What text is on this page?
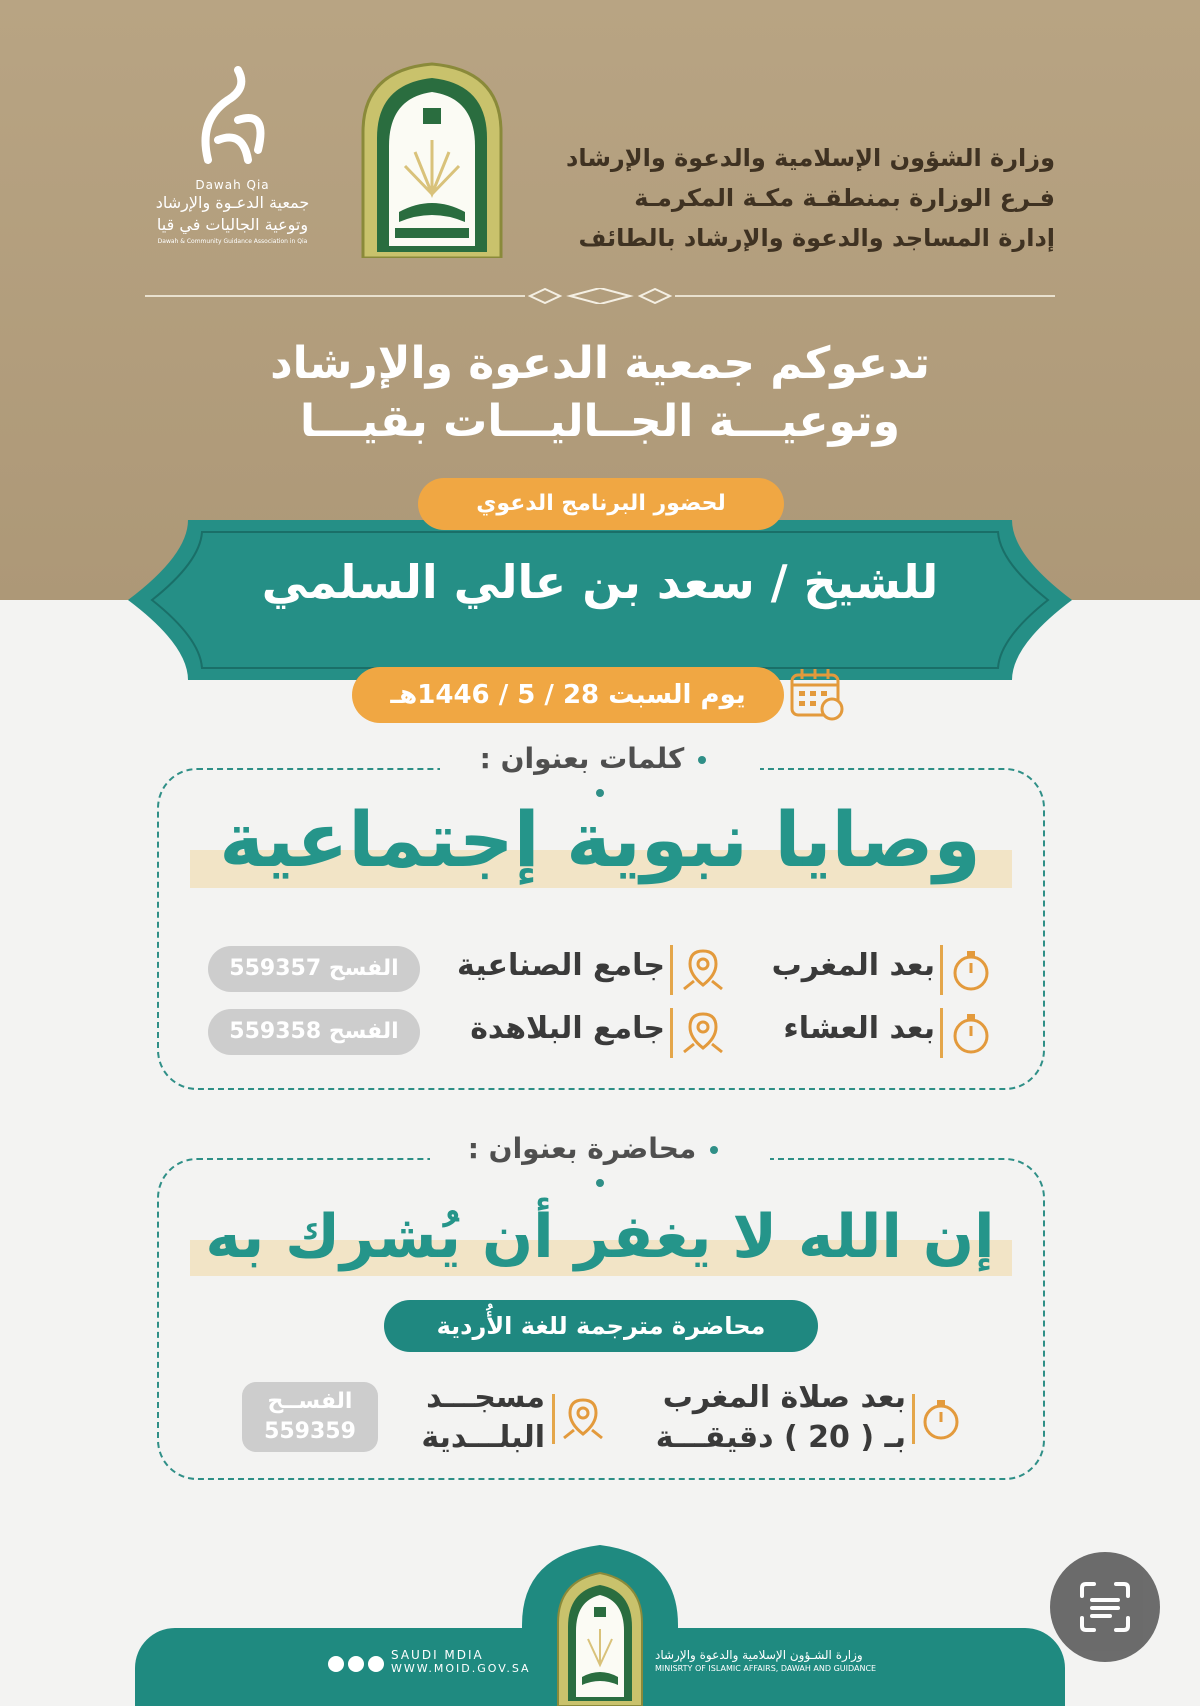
وزارة الشؤون الإسلامية والدعوة والإرشاد
فـرع الوزارة بمنطقـة مكـة المكرمـة
إدارة المساجد والدعوة والإرشاد بالطائف
Dawah Qia
جمعية الدعـوة والإرشاد
وتوعية الجاليات في قيا
Dawah & Community Guidance Association in Qia
تدعوكم جمعية الدعوة والإرشاد
وتوعيـــة الجــاليـــات بقيـــا
لحضور البرنامج الدعوي
للشيخ / سعد بن عالي السلمي
يوم السبت 28 / 5 / 1446هـ
كلمات بعنوان :
وصايا نبوية إجتماعية
بعد المغرب
جامع الصناعية
الفسح 559357
بعد العشاء
جامع البلاهدة
الفسح 559358
محاضرة بعنوان :
إن الله لا يغفر أن يُشرك به
محاضرة مترجمة للغة الأُردية
بعد صلاة المغرب
بـ ( 20 ) دقيقـــة
مسجـــد
البلـــدية
الفســح
559359
وزارة الشـؤون الإسلامية والدعوة والإرشاد
MINISRTY OF ISLAMIC AFFAIRS, DAWAH AND GUIDANCE
SAUDI MDIA
WWW.MOID.GOV.SA
